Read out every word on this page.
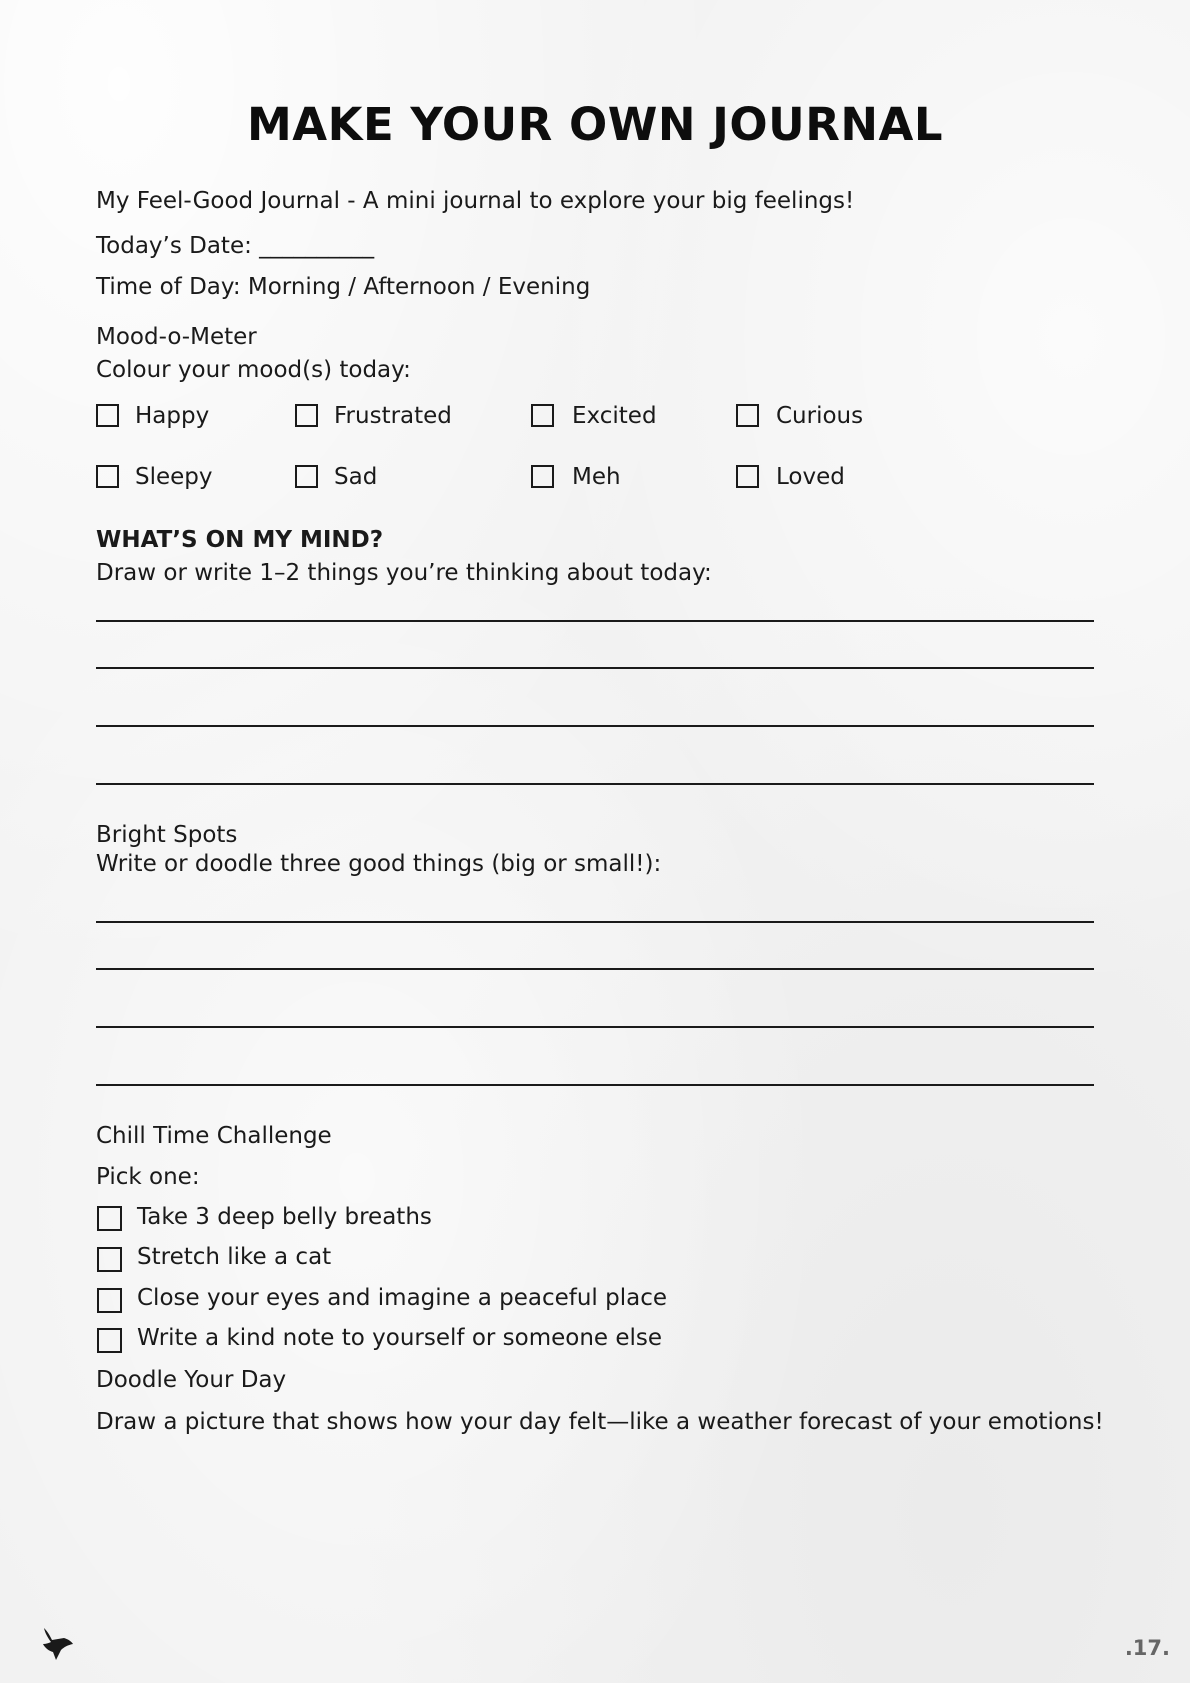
MAKE YOUR OWN JOURNAL
My Feel-Good Journal - A mini journal to explore your big feelings!
Today’s Date: __________
Time of Day: Morning / Afternoon / Evening
Mood-o-Meter
Colour your mood(s) today:
Happy	Frustrated	Excited	Curious
Sleepy	Sad	Meh	Loved
WHAT’S ON MY MIND?
Draw or write 1–2 things you’re thinking about today:
Bright Spots
Write or doodle three good things (big or small!):
Chill Time Challenge
Pick one:
Take 3 deep belly breaths
Stretch like a cat
Close your eyes and imagine a peaceful place
Write a kind note to yourself or someone else
Doodle Your Day
Draw a picture that shows how your day felt—like a weather forecast of your emotions!
.17.
